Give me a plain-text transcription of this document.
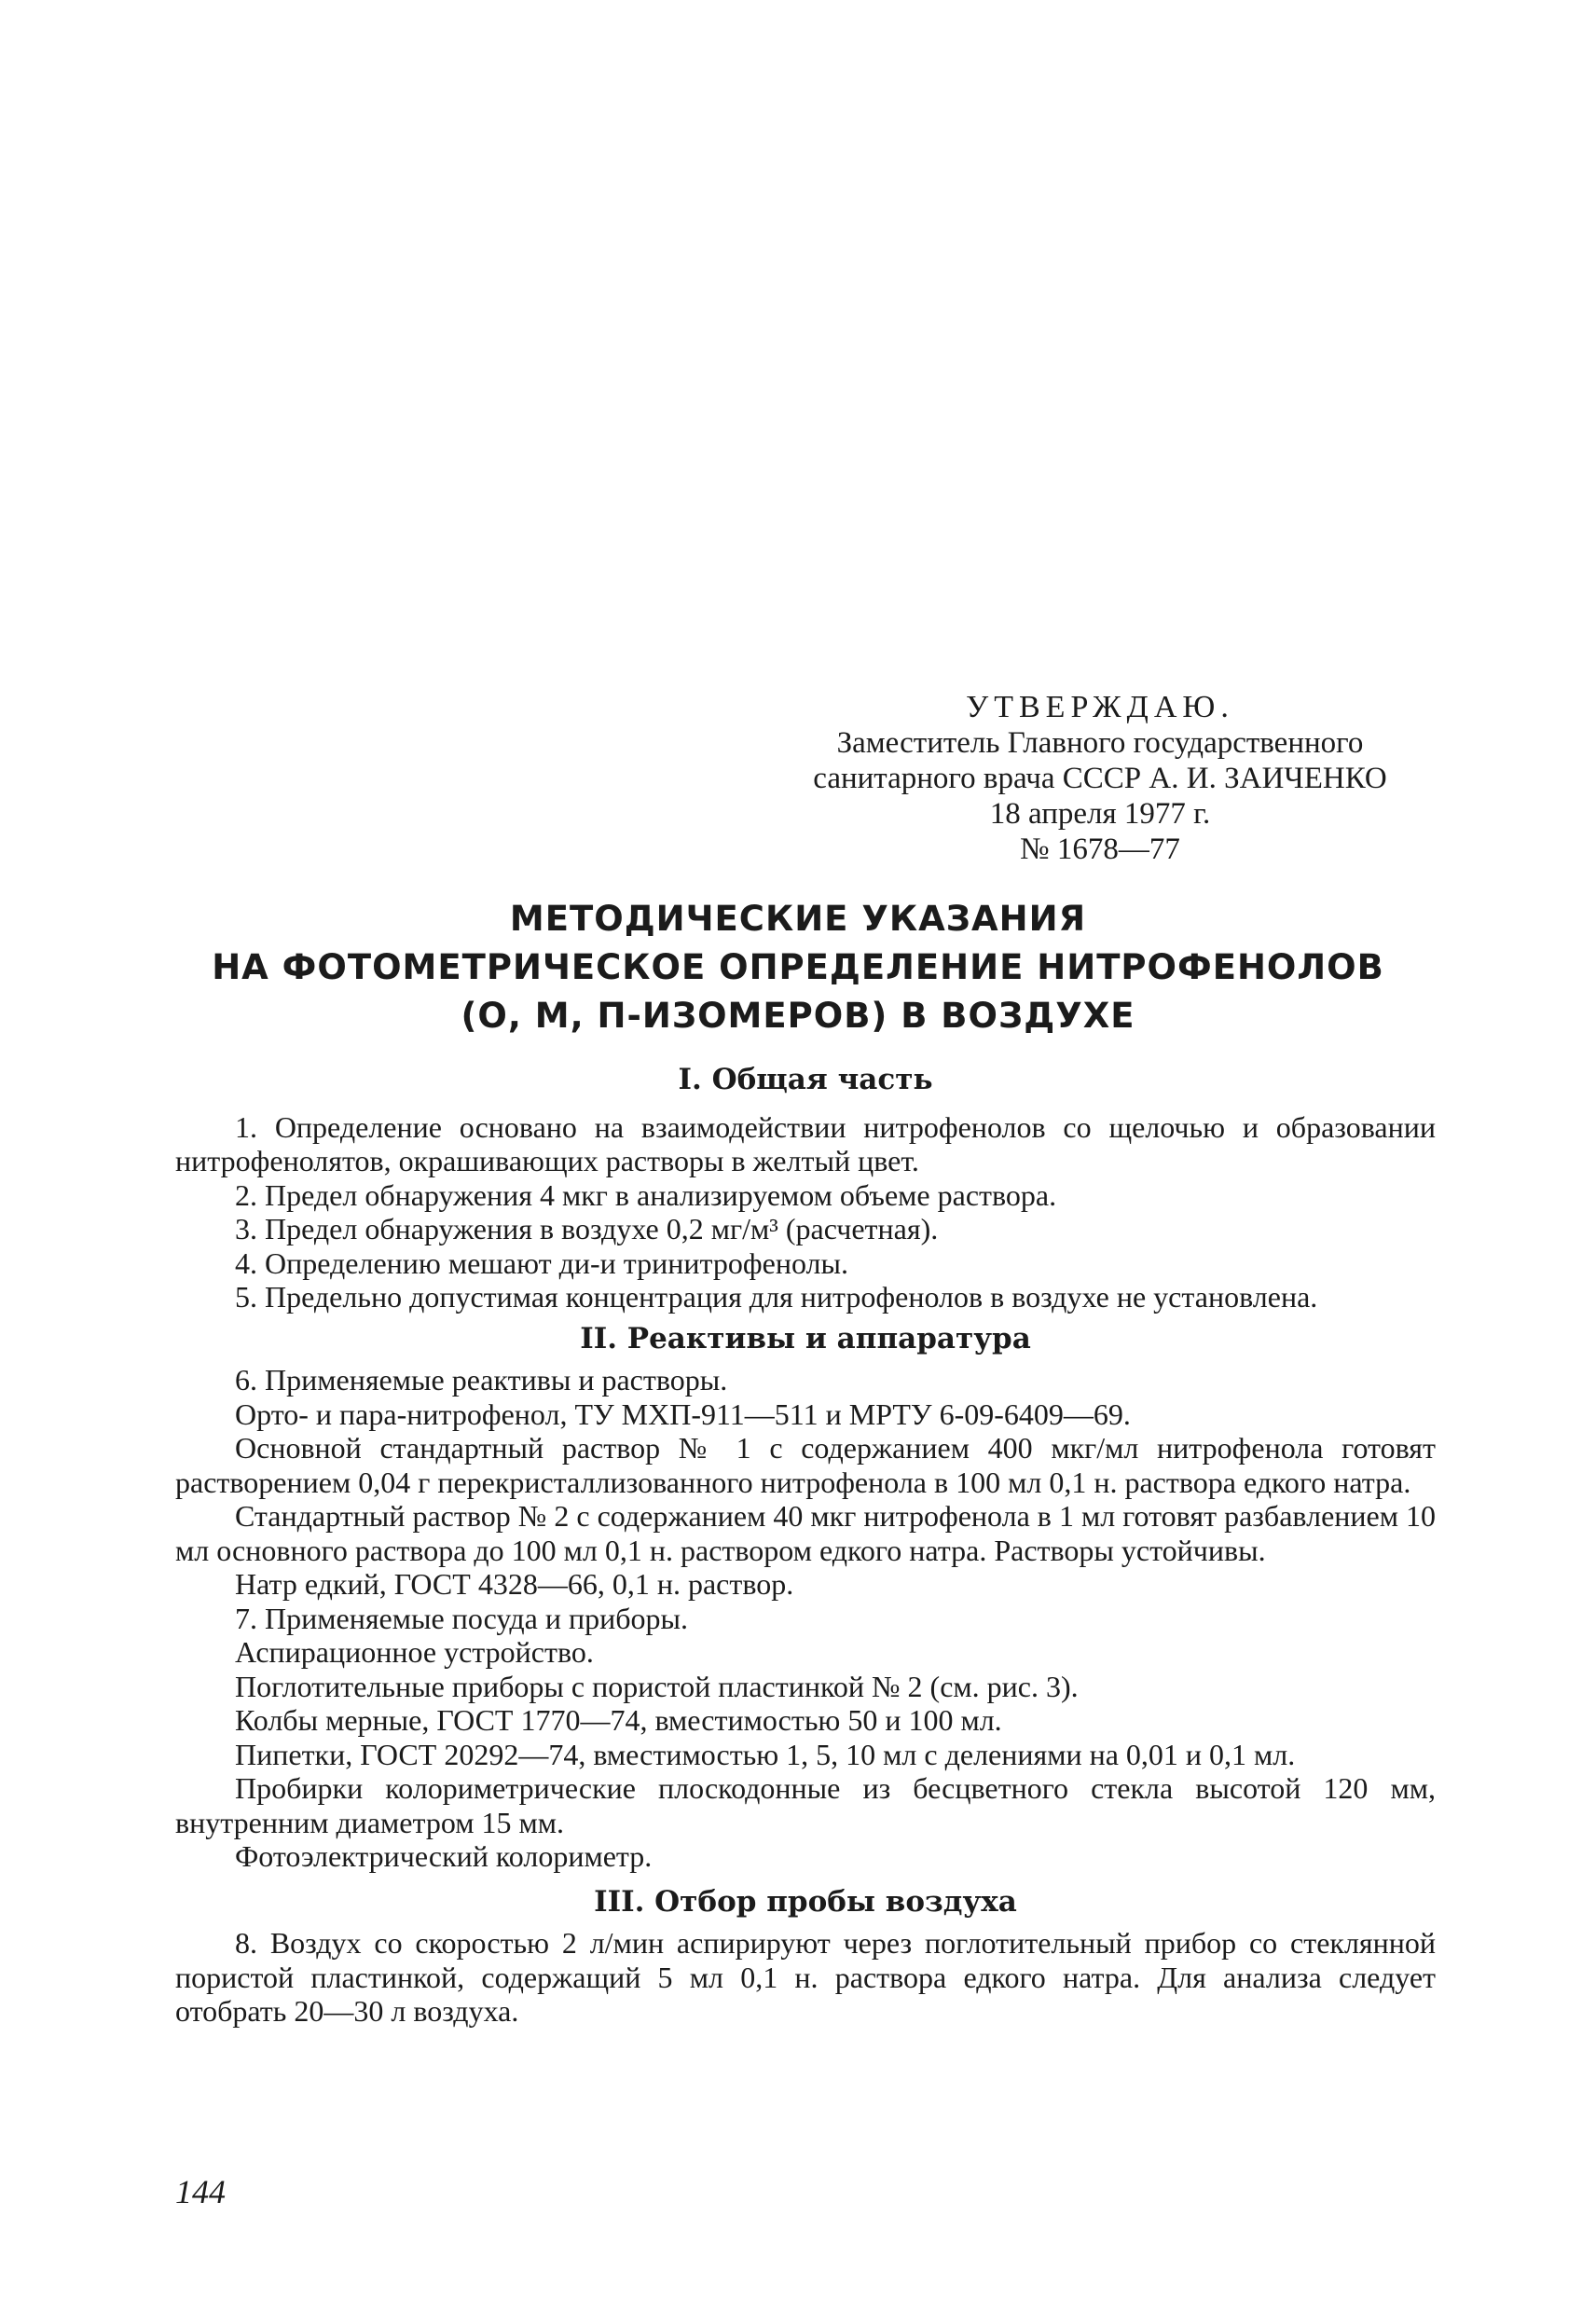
УТВЕРЖДАЮ.
Заместитель Главного государственного
санитарного врача СССР А. И. ЗАИЧЕНКО
18 апреля 1977 г.
№ 1678—77
МЕТОДИЧЕСКИЕ УКАЗАНИЯ
НА ФОТОМЕТРИЧЕСКОЕ ОПРЕДЕЛЕНИЕ НИТРОФЕНОЛОВ
(О, М, П-ИЗОМЕРОВ) В ВОЗДУХЕ
I. Общая часть

1. Определение основано на взаимодействии нитрофенолов со щелочью и образовании нитрофенолятов, окрашивающих растворы в желтый цвет.

2. Предел обнаружения 4 мкг в анализируемом объеме раствора.

3. Предел обнаружения в воздухе 0,2 мг/м³ (расчетная).

4. Определению мешают ди-и тринитрофенолы.

5. Предельно допустимая концентрация для нитрофенолов в воздухе не установлена.

II. Реактивы и аппаратура

6. Применяемые реактивы и растворы.

Орто- и пара-нитрофенол, ТУ МХП-911—511 и МРТУ 6-09-6409—69.

Основной стандартный раствор № 1 с содержанием 400 мкг/мл нитрофенола готовят растворением 0,04 г перекристаллизованного нитрофенола в 100 мл 0,1 н. раствора едкого натра.

Стандартный раствор № 2 с содержанием 40 мкг нитрофенола в 1 мл готовят разбавлением 10 мл основного раствора до 100 мл 0,1 н. раствором едкого натра. Растворы устойчивы.

Натр едкий, ГОСТ 4328—66, 0,1 н. раствор.

7. Применяемые посуда и приборы.

Аспирационное устройство.

Поглотительные приборы с пористой пластинкой № 2 (см. рис. 3).

Колбы мерные, ГОСТ 1770—74, вместимостью 50 и 100 мл.

Пипетки, ГОСТ 20292—74, вместимостью 1, 5, 10 мл с делениями на 0,01 и 0,1 мл.

Пробирки колориметрические плоскодонные из бесцветного стекла высотой 120 мм, внутренним диаметром 15 мм.

Фотоэлектрический колориметр.

III. Отбор пробы воздуха

8. Воздух со скоростью 2 л/мин аспирируют через поглотительный прибор со стеклянной пористой пластинкой, содержащий 5 мл 0,1 н. раствора едкого натра. Для анализа следует отобрать 20—30 л воздуха.

144
